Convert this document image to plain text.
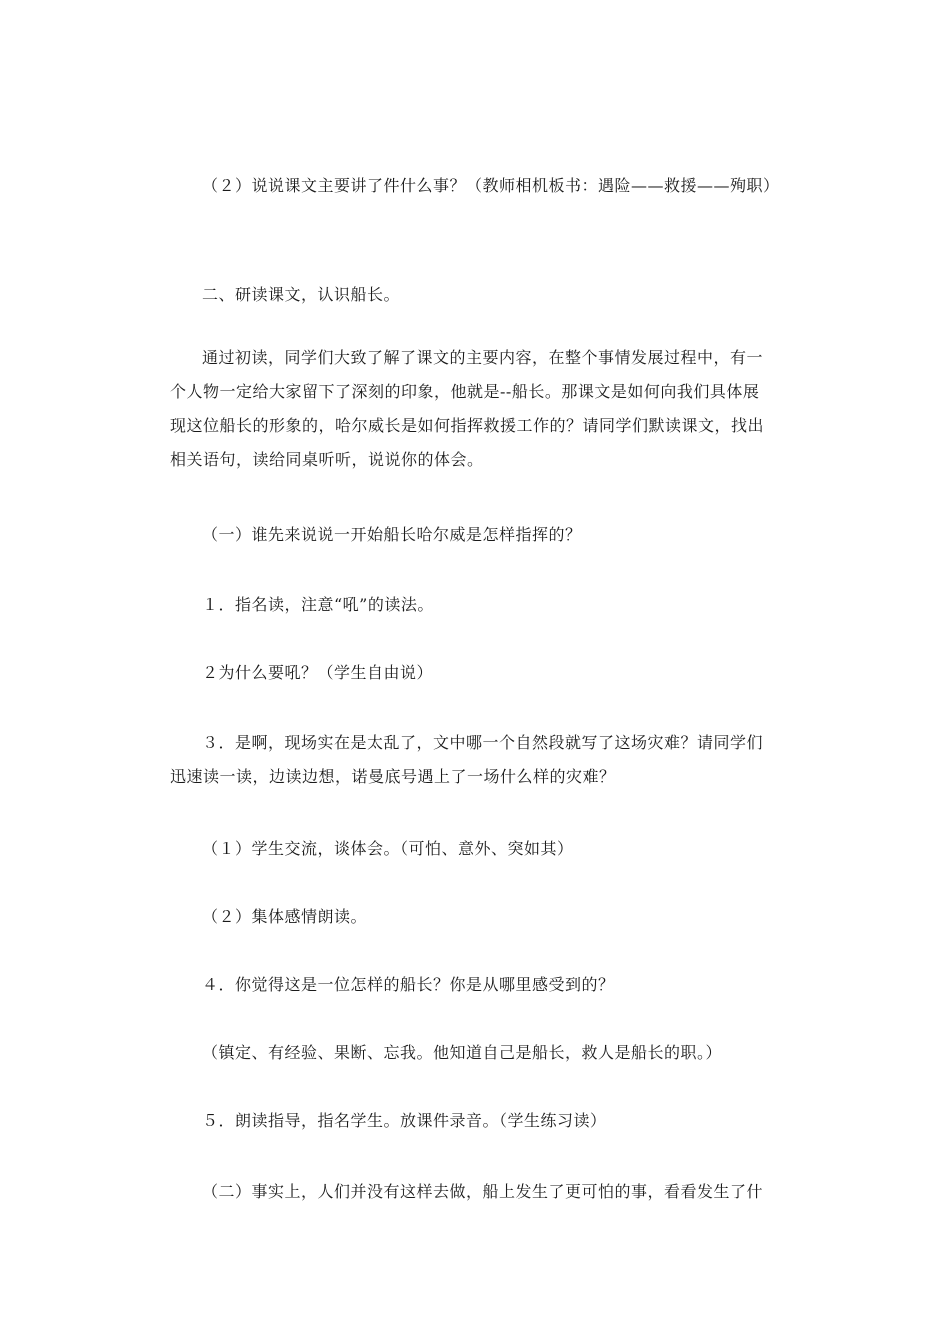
（２）说说课文主要讲了件什么事？（教师相机板书：遇险——救援——殉职）

二、研读课文，认识船长。

通过初读，同学们大致了解了课文的主要内容，在整个事情发展过程中，有一个人物一定给大家留下了深刻的印象，他就是--船长。那课文是如何向我们具体展现这位船长的形象的，哈尔威长是如何指挥救援工作的？请同学们默读课文，找出相关语句，读给同桌听听，说说你的体会。

（一）谁先来说说一开始船长哈尔威是怎样指挥的？

１．指名读，注意“吼”的读法。

２为什么要吼？（学生自由说）

３．是啊，现场实在是太乱了，文中哪一个自然段就写了这场灾难？请同学们迅速读一读，边读边想，诺曼底号遇上了一场什么样的灾难？

（１）学生交流，谈体会。（可怕、意外、突如其）

（２）集体感情朗读。

４．你觉得这是一位怎样的船长？你是从哪里感受到的？

（镇定、有经验、果断、忘我。他知道自己是船长，救人是船长的职。）

５．朗读指导，指名学生。放课件录音。（学生练习读）

（二）事实上，人们并没有这样去做，船上发生了更可怕的事，看看发生了什
